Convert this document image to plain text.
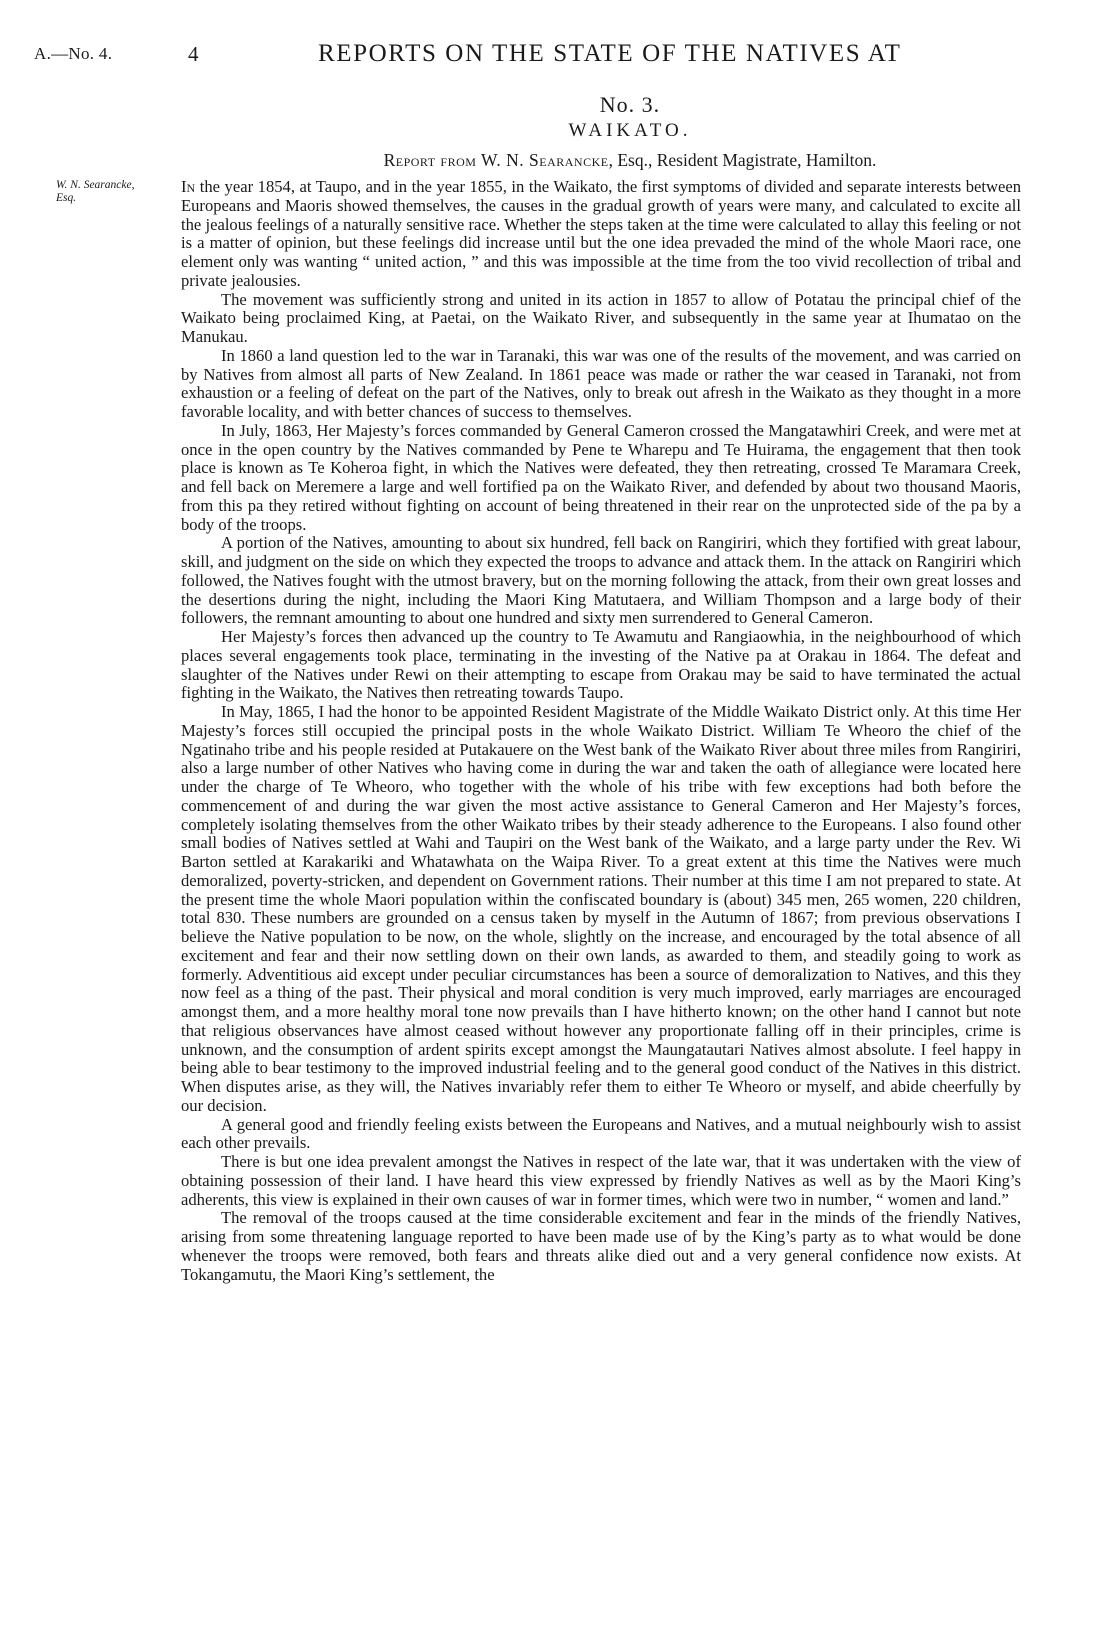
A.—No. 4.	4	REPORTS ON THE STATE OF THE NATIVES AT
No. 3.
WAIKATO.
Report from W. N. Searancke, Esq., Resident Magistrate, Hamilton.
W. N. Searancke,
Esq.

In the year 1854, at Taupo, and in the year 1855, in the Waikato, the first symptoms of divided and separate interests between Europeans and Maoris showed themselves, the causes in the gradual growth of years were many, and calculated to excite all the jealous feelings of a naturally sensitive race. Whether the steps taken at the time were calculated to allay this feeling or not is a matter of opinion, but these feelings did increase until but the one idea prevaded the mind of the whole Maori race, one element only was wanting “ united action, ” and this was impossible at the time from the too vivid recollection of tribal and private jealousies.

The movement was sufficiently strong and united in its action in 1857 to allow of Potatau the principal chief of the Waikato being proclaimed King, at Paetai, on the Waikato River, and subsequently in the same year at Ihumatao on the Manukau.

In 1860 a land question led to the war in Taranaki, this war was one of the results of the movement, and was carried on by Natives from almost all parts of New Zealand. In 1861 peace was made or rather the war ceased in Taranaki, not from exhaustion or a feeling of defeat on the part of the Natives, only to break out afresh in the Waikato as they thought in a more favorable locality, and with better chances of success to themselves.

In July, 1863, Her Majesty’s forces commanded by General Cameron crossed the Mangatawhiri Creek, and were met at once in the open country by the Natives commanded by Pene te Wharepu and Te Huirama, the engagement that then took place is known as Te Koheroa fight, in which the Natives were defeated, they then retreating, crossed Te Maramara Creek, and fell back on Meremere a large and well fortified pa on the Waikato River, and defended by about two thousand Maoris, from this pa they retired without fighting on account of being threatened in their rear on the unprotected side of the pa by a body of the troops.

A portion of the Natives, amounting to about six hundred, fell back on Rangiriri, which they fortified with great labour, skill, and judgment on the side on which they expected the troops to advance and attack them. In the attack on Rangiriri which followed, the Natives fought with the utmost bravery, but on the morning following the attack, from their own great losses and the desertions during the night, including the Maori King Matutaera, and William Thompson and a large body of their followers, the remnant amounting to about one hundred and sixty men surrendered to General Cameron.

Her Majesty’s forces then advanced up the country to Te Awamutu and Rangiaowhia, in the neighbourhood of which places several engagements took place, terminating in the investing of the Native pa at Orakau in 1864. The defeat and slaughter of the Natives under Rewi on their attempting to escape from Orakau may be said to have terminated the actual fighting in the Waikato, the Natives then retreating towards Taupo.

In May, 1865, I had the honor to be appointed Resident Magistrate of the Middle Waikato District only. At this time Her Majesty’s forces still occupied the principal posts in the whole Waikato District. William Te Wheoro the chief of the Ngatinaho tribe and his people resided at Putakauere on the West bank of the Waikato River about three miles from Rangiriri, also a large number of other Natives who having come in during the war and taken the oath of allegiance were located here under the charge of Te Wheoro, who together with the whole of his tribe with few exceptions had both before the commencement of and during the war given the most active assistance to General Cameron and Her Majesty’s forces, completely isolating themselves from the other Waikato tribes by their steady adherence to the Europeans. I also found other small bodies of Natives settled at Wahi and Taupiri on the West bank of the Waikato, and a large party under the Rev. Wi Barton settled at Karakariki and Whatawhata on the Waipa River. To a great extent at this time the Natives were much demoralized, poverty-stricken, and dependent on Government rations. Their number at this time I am not prepared to state. At the present time the whole Maori population within the confiscated boundary is (about) 345 men, 265 women, 220 children, total 830. These numbers are grounded on a census taken by myself in the Autumn of 1867; from previous observations I believe the Native population to be now, on the whole, slightly on the increase, and encouraged by the total absence of all excitement and fear and their now settling down on their own lands, as awarded to them, and steadily going to work as formerly. Adventitious aid except under peculiar circumstances has been a source of demoralization to Natives, and this they now feel as a thing of the past. Their physical and moral condition is very much improved, early marriages are encouraged amongst them, and a more healthy moral tone now prevails than I have hitherto known; on the other hand I cannot but note that religious observances have almost ceased without however any proportionate falling off in their principles, crime is unknown, and the consumption of ardent spirits except amongst the Maungatautari Natives almost absolute. I feel happy in being able to bear testimony to the improved industrial feeling and to the general good conduct of the Natives in this district. When disputes arise, as they will, the Natives invariably refer them to either Te Wheoro or myself, and abide cheerfully by our decision.

A general good and friendly feeling exists between the Europeans and Natives, and a mutual neighbourly wish to assist each other prevails.

There is but one idea prevalent amongst the Natives in respect of the late war, that it was undertaken with the view of obtaining possession of their land. I have heard this view expressed by friendly Natives as well as by the Maori King’s adherents, this view is explained in their own causes of war in former times, which were two in number, “ women and land.”

The removal of the troops caused at the time considerable excitement and fear in the minds of the friendly Natives, arising from some threatening language reported to have been made use of by the King’s party as to what would be done whenever the troops were removed, both fears and threats alike died out and a very general confidence now exists. At Tokangamutu, the Maori King’s settlement, the
